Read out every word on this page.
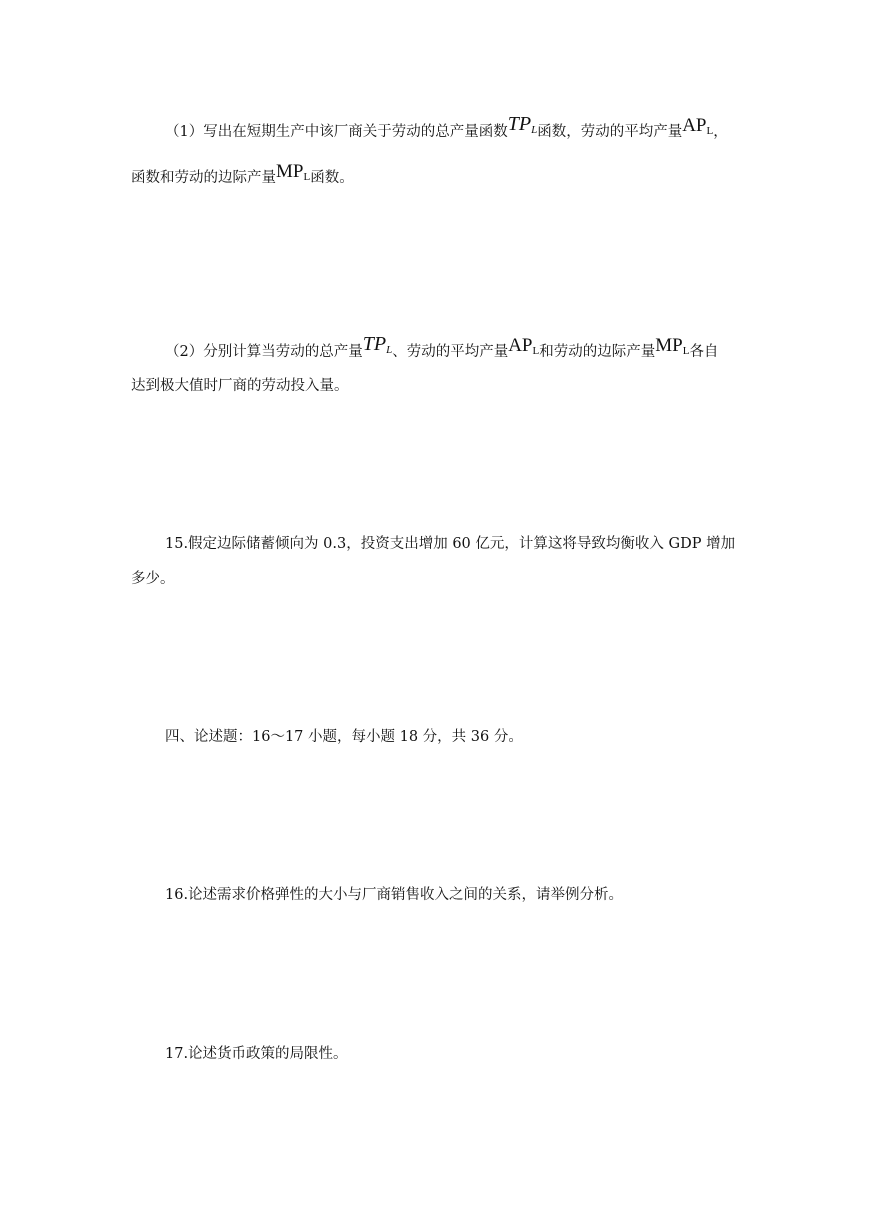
（1）写出在短期生产中该厂商关于劳动的总产量函数$TP_L$函数，劳动的平均产量$AP_L$，
函数和劳动的边际产量$MP_L$函数。
（2）分别计算当劳动的总产量$TP_L$、劳动的平均产量$AP_L$和劳动的边际产量$MP_L$各自
达到极大值时厂商的劳动投入量。
15.假定边际储蓄倾向为 0.3，投资支出增加 60 亿元，计算这将导致均衡收入 GDP 增加
多少。
四、论述题：16～17 小题，每小题 18 分，共 36 分。
16.论述需求价格弹性的大小与厂商销售收入之间的关系，请举例分析。
17.论述货币政策的局限性。
